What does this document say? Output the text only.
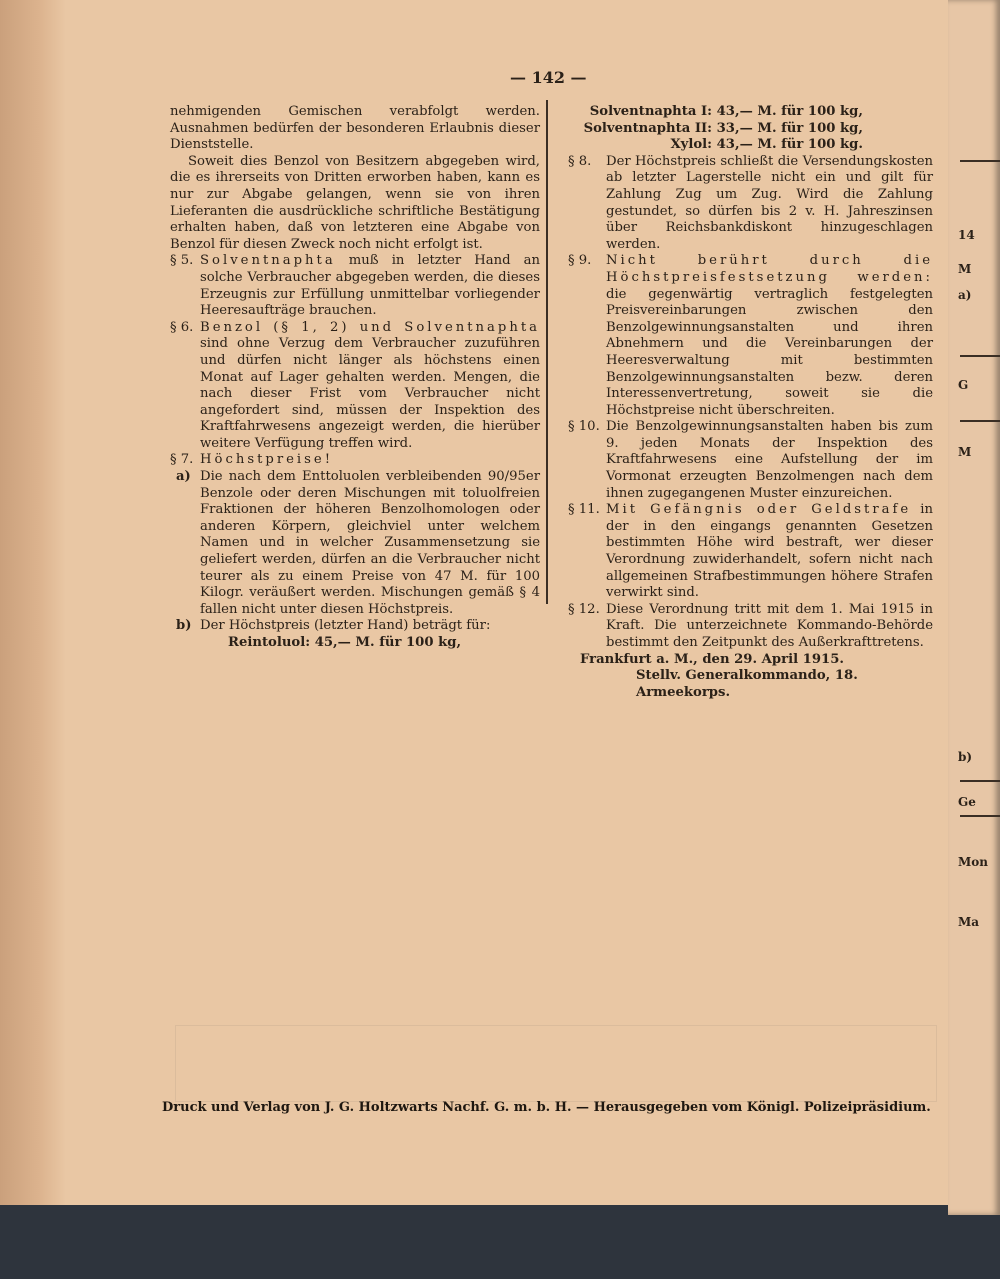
— 142 —

nehmigenden Gemischen verabfolgt werden. Ausnahmen bedürfen der besonderen Erlaubnis dieser Dienststelle.

Soweit dies Benzol von Besitzern abgegeben wird, die es ihrerseits von Dritten erworben haben, kann es nur zur Abgabe gelangen, wenn sie von ihren Lieferanten die ausdrückliche schriftliche Bestätigung erhalten haben, daß von letzteren eine Abgabe von Benzol für diesen Zweck noch nicht erfolgt ist.

§ 5. Solventnaphta muß in letzter Hand an solche Verbraucher abgegeben werden, die dieses Erzeugnis zur Erfüllung unmittelbar vorliegender Heeresaufträge brauchen.
§ 6. Benzol (§ 1, 2) und Solventnaphta sind ohne Verzug dem Verbraucher zuzuführen und dürfen nicht länger als höchstens einen Monat auf Lager gehalten werden. Mengen, die nach dieser Frist vom Verbraucher nicht angefordert sind, müssen der Inspektion des Kraftfahrwesens angezeigt werden, die hierüber weitere Verfügung treffen wird.
§ 7. Höchstpreise!
a) Die nach dem Enttoluolen verbleibenden 90/95er Benzole oder deren Mischungen mit toluolfreien Fraktionen der höheren Benzolhomologen oder anderen Körpern, gleichviel unter welchem Namen und in welcher Zusammensetzung sie geliefert werden, dürfen an die Verbraucher nicht teurer als zu einem Preise von 47 M. für 100 Kilogr. veräußert werden. Mischungen gemäß § 4 fallen nicht unter diesen Höchstpreis.
b) Der Höchstpreis (letzter Hand) beträgt für:

Reintoluol: 45,— M. für 100 kg,

Solventnaphta I: 43,— M. für 100 kg,

Solventnaphta II: 33,— M. für 100 kg,

Xylol: 43,— M. für 100 kg.

§ 8.	Der Höchstpreis schließt die Versendungskosten ab letzter Lagerstelle nicht ein und gilt für Zahlung Zug um Zug. Wird die Zahlung gestundet, so dürfen bis 2 v. H. Jahreszinsen über Reichsbankdiskont hinzugeschlagen werden.
§ 9.	Nicht berührt durch die Höchstpreisfestsetzung werden: die gegenwärtig vertraglich festgelegten Preisvereinbarungen zwischen den Benzolgewinnungsanstalten und ihren Abnehmern und die Vereinbarungen der Heeresverwaltung mit bestimmten Benzolgewinnungsanstalten bezw. deren Interessenvertretung, soweit sie die Höchstpreise nicht überschreiten.
§ 10. Die Benzolgewinnungsanstalten haben bis zum 9. jeden Monats der Inspektion des Kraftfahrwesens eine Aufstellung der im Vormonat erzeugten Benzolmengen nach dem ihnen zugegangenen Muster einzureichen.
§ 11. Mit Gefängnis oder Geldstrafe in der in den eingangs genannten Gesetzen bestimmten Höhe wird bestraft, wer dieser Verordnung zuwiderhandelt, sofern nicht nach allgemeinen Strafbestimmungen höhere Strafen verwirkt sind.
§ 12. Diese Verordnung tritt mit dem 1. Mai 1915 in Kraft. Die unterzeichnete Kommando-Behörde bestimmt den Zeitpunkt des Außerkrafttretens.

Frankfurt a. M., den 29. April 1915.

Stellv. Generalkommando, 18. Armeekorps.

Druck und Verlag von J. G. Holtzwarts Nachf. G. m. b. H. — Herausgegeben vom Königl. Polizeipräsidium.
14
M
a)
G
M
b)
Ge
Mon
Ma
